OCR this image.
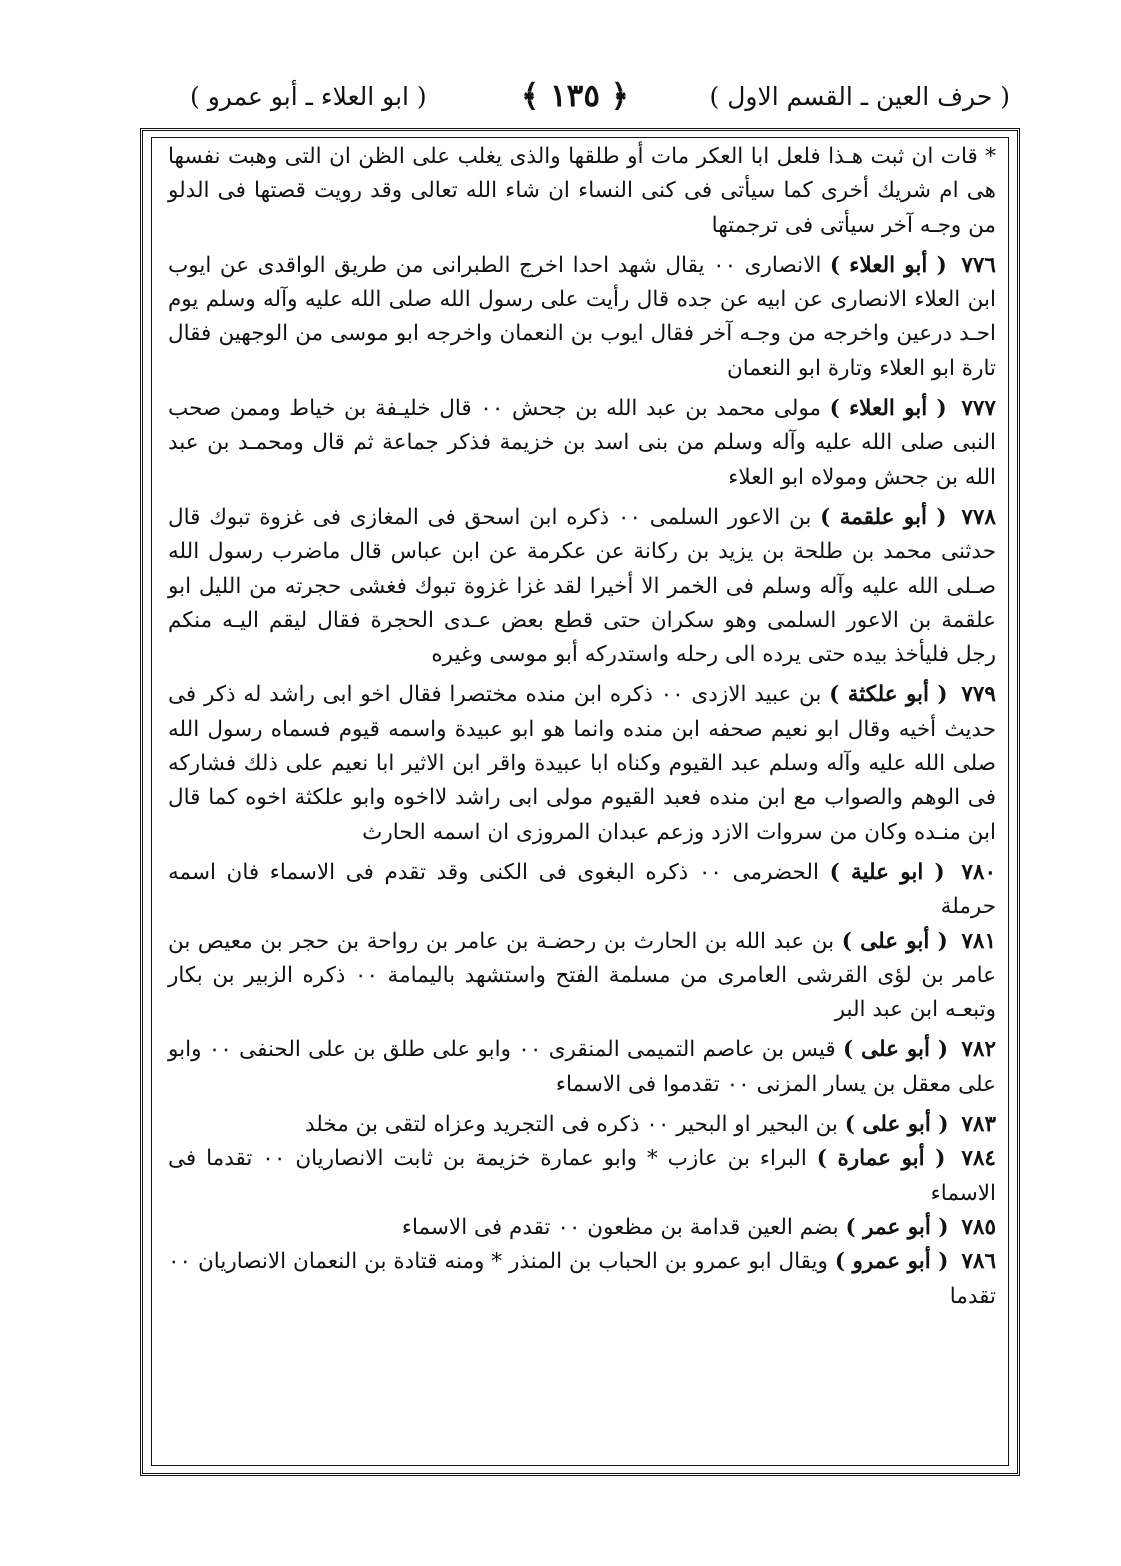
( حرف العين ـ القسم الاول )
﴿ ١٣٥ ﴾
( ابو العلاء ـ أبو عمرو )

* قات ان ثبت هـذا فلعل ابا العكر مات أو طلقها والذى يغلب على الظن ان التى وهبت نفسها هى ام شريك أخرى كما سيأتى فى كنى النساء ان شاء الله تعالى وقد رويت قصتها فى الدلو من وجـه آخر سيأتى فى ترجمتها

٧٧٦ ( أبو العلاء ) الانصارى ٠٠ يقال شهد احدا اخرج الطبرانى من طريق الواقدى عن ايوب ابن العلاء الانصارى عن ابيه عن جده قال رأيت على رسول الله صلى الله عليه وآله وسلم يوم احـد درعين واخرجه من وجـه آخر فقال ايوب بن النعمان واخرجه ابو موسى من الوجهين فقال تارة ابو العلاء وتارة ابو النعمان

٧٧٧ ( أبو العلاء ) مولى محمد بن عبد الله بن جحش ٠٠ قال خليـفة بن خياط وممن صحب النبى صلى الله عليه وآله وسلم من بنى اسد بن خزيمة فذكر جماعة ثم قال ومحمـد بن عبد الله بن جحش ومولاه ابو العلاء

٧٧٨ ( أبو علقمة ) بن الاعور السلمى ٠٠ ذكره ابن اسحق فى المغازى فى غزوة تبوك قال حدثنى محمد بن طلحة بن يزيد بن ركانة عن عكرمة عن ابن عباس قال ماضرب رسول الله صـلى الله عليه وآله وسلم فى الخمر الا أخيرا لقد غزا غزوة تبوك فغشى حجرته من الليل ابو علقمة بن الاعور السلمى وهو سكران حتى قطع بعض عـدى الحجرة فقال ليقم اليـه منكم رجل فليأخذ بيده حتى يرده الى رحله واستدركه أبو موسى وغيره

٧٧٩ ( أبو علكثة ) بن عبيد الازدى ٠٠ ذكره ابن منده مختصرا فقال اخو ابى راشد له ذكر فى حديث أخيه وقال ابو نعيم صحفه ابن منده وانما هو ابو عبيدة واسمه قيوم فسماه رسول الله صلى الله عليه وآله وسلم عبد القيوم وكناه ابا عبيدة واقر ابن الاثير ابا نعيم على ذلك فشاركه فى الوهم والصواب مع ابن منده فعبد القيوم مولى ابى راشد لااخوه وابو علكثة اخوه كما قال ابن منـده وكان من سروات الازد وزعم عبدان المروزى ان اسمه الحارث

٧٨٠ ( ابو علية ) الحضرمى ٠٠ ذكره البغوى فى الكنى وقد تقدم فى الاسماء فان اسمه حرملة

٧٨١ ( أبو على ) بن عبد الله بن الحارث بن رحضـة بن عامر بن رواحة بن حجر بن معيص بن عامر بن لؤى القرشى العامرى من مسلمة الفتح واستشهد باليمامة ٠٠ ذكره الزبير بن بكار وتبعـه ابن عبد البر

٧٨٢ ( أبو على ) قيس بن عاصم التميمى المنقرى ٠٠ وابو على طلق بن على الحنفى ٠٠ وابو على معقل بن يسار المزنى ٠٠ تقدموا فى الاسماء

٧٨٣ ( أبو على ) بن البحير او البحير ٠٠ ذكره فى التجريد وعزاه لتقى بن مخلد

٧٨٤ ( أبو عمارة ) البراء بن عازب * وابو عمارة خزيمة بن ثابت الانصاريان ٠٠ تقدما فى الاسماء

٧٨٥ ( أبو عمر ) بضم العين قدامة بن مظعون ٠٠ تقدم فى الاسماء

٧٨٦ ( أبو عمرو ) ويقال ابو عمرو بن الحباب بن المنذر * ومنه قتادة بن النعمان الانصاريان ٠٠ تقدما
